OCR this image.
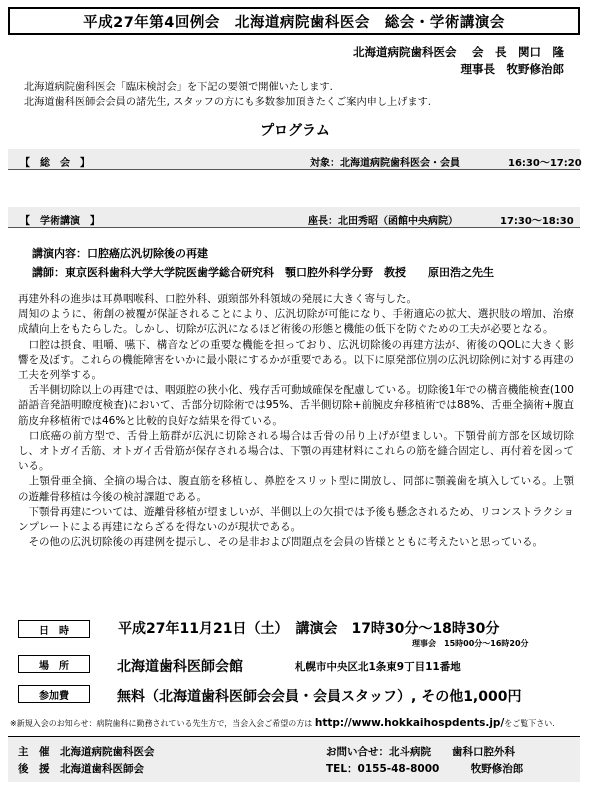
平成27年第4回例会　北海道病院歯科医会　総会・学術講演会
北海道病院歯科医会　 会　長　関口　隆
理事長　牧野修治郎
北海道病院歯科医会「臨床検討会」を下記の要領で開催いたします.
北海道歯科医師会会員の諸先生, スタッフの方にも多数参加頂きたくご案内申し上げます.
プログラム
【　総　会　】	対象：北海道病院歯科医会・会員	16:30～17:20
【　学術講演　】	座長：北田秀昭（函館中央病院）	17:30～18:30
講演内容：口腔癌広汎切除後の再建
講師：東京医科歯科大学大学院医歯学総合研究科　顎口腔外科学分野　教授　　原田浩之先生

再建外科の進歩は耳鼻咽喉科、口腔外科、頭頸部外科領域の発展に大きく寄与した。

周知のように、術創の被覆が保証されることにより、広汎切除が可能になり、手術適応の拡大、選択肢の増加、治療成績向上をもたらした。しかし、切除が広汎になるほど術後の形態と機能の低下を防ぐための工夫が必要となる。

　口腔は摂食、咀嚼、嚥下、構音などの重要な機能を担っており、広汎切除後の再建方法が、術後のQOLに大きく影響を及ぼす。これらの機能障害をいかに最小限にするかが重要である。以下に原発部位別の広汎切除例に対する再建の工夫を列挙する。

　舌半側切除以上の再建では、咽頭腔の狭小化、残存舌可動域確保を配慮している。切除後1年での構音機能検査(100語語音発語明瞭度検査)において、舌部分切除術では95%、舌半側切除+前腕皮弁移植術では88%、舌亜全摘術+腹直筋皮弁移植術では46%と比較的良好な結果を得ている。

　口底癌の前方型で、舌骨上筋群が広汎に切除される場合は舌骨の吊り上げが望ましい。下顎骨前方部を区域切除し、オトガイ舌筋、オトガイ舌骨筋が保存される場合は、下顎の再建材料にこれらの筋を縫合固定し、再付着を図っている。

　上顎骨亜全摘、全摘の場合は、腹直筋を移植し、鼻腔をスリット型に開放し、同部に顎義歯を填入している。上顎の遊離骨移植は今後の検討課題である。

　下顎骨再建については、遊離骨移植が望ましいが、半側以上の欠損では予後も懸念されるため、リコンストラクションプレートによる再建にならざるを得ないのが現状である。

　その他の広汎切除後の再建例を提示し、その是非および問題点を会員の皆様とともに考えたいと思っている。

日　時	平成27年11月21日（土）　講演会　17時30分～18時30分
理事会　15時00分～16時20分
場　所	北海道歯科医師会館	札幌市中央区北1条東9丁目11番地
参加費	無料（北海道歯科医師会会員・会員スタッフ）, その他1,000円
※新規入会のお知らせ：病院歯科に勤務されている先生方で，当会入会ご希望の方は http://www.hokkaihospdents.jp/をご覧下さい.
主　催　北海道病院歯科医会
後　援　北海道歯科医師会
お問い合せ：北斗病院　　歯科口腔外科
TEL：0155-48-8000　　　牧野修治郎
